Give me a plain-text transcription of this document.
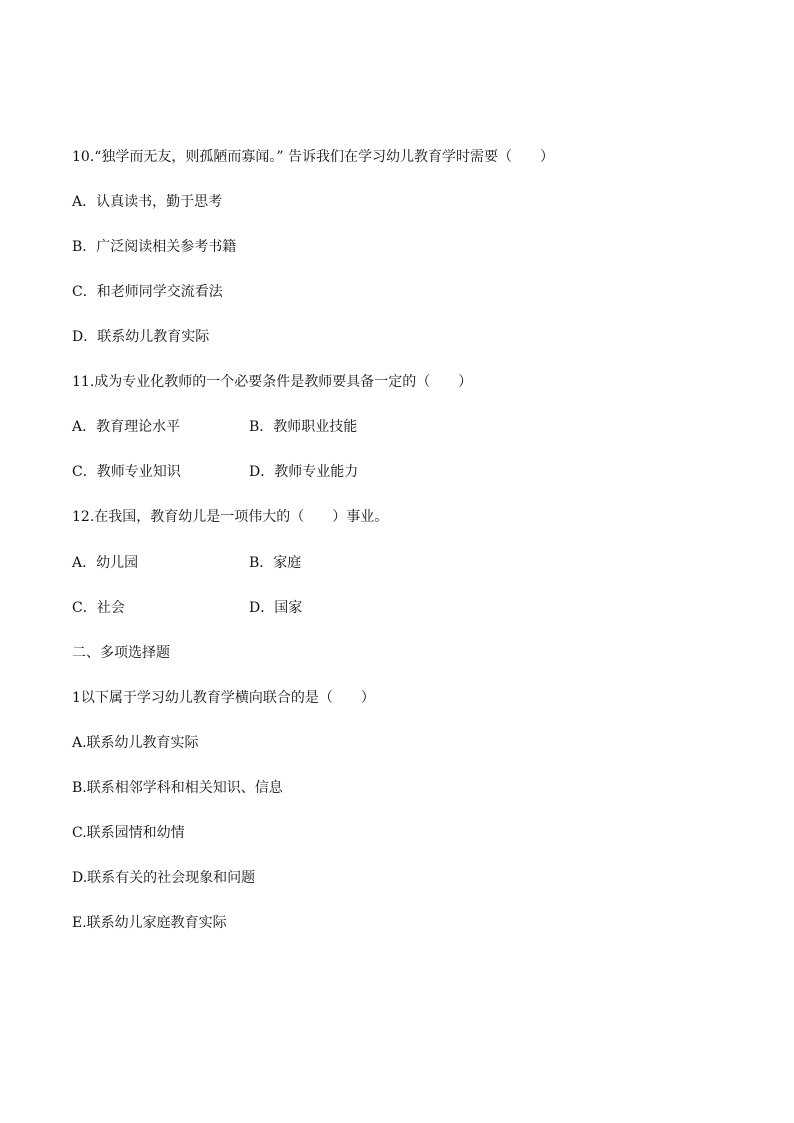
10.“独学而无友，则孤陋而寡闻。” 告诉我们在学习幼儿教育学时需要（　　）
A．认真读书，勤于思考
B．广泛阅读相关参考书籍
C．和老师同学交流看法
D．联系幼儿教育实际
11.成为专业化教师的一个必要条件是教师要具备一定的（　　）
A．教育理论水平	B．教师职业技能
C．教师专业知识	D．教师专业能力
12.在我国，教育幼儿是一项伟大的（　　）事业。
A．幼儿园	B．家庭
C．社会	D．国家
二、多项选择题
1以下属于学习幼儿教育学横向联合的是（　　）
A.联系幼儿教育实际
B.联系相邻学科和相关知识、信息
C.联系园情和幼情
D.联系有关的社会现象和问题
E.联系幼儿家庭教育实际
